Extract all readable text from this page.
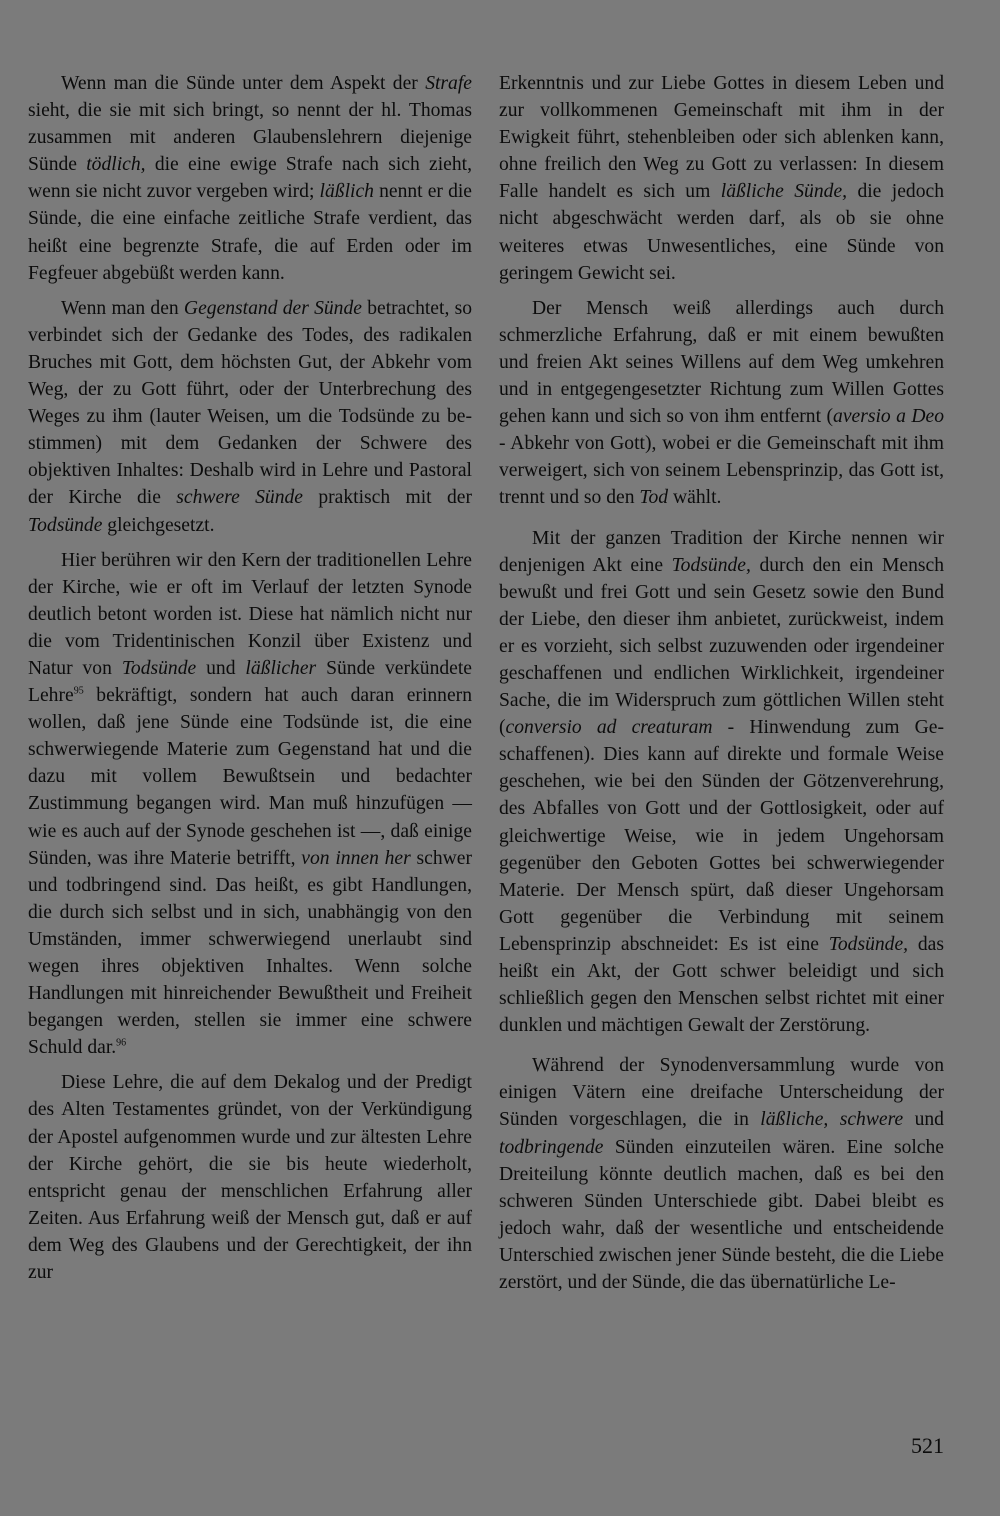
Wenn man die Sünde unter dem Aspekt der Strafe sieht, die sie mit sich bringt, so nennt der hl. Thomas zusammen mit anderen Glaubenslehrern diejenige Sünde tödlich, die eine ewige Strafe nach sich zieht, wenn sie nicht zuvor vergeben wird; läßlich nennt er die Sünde, die eine einfache zeitliche Strafe verdient, das heißt eine begrenzte Strafe, die auf Erden oder im Fegfeuer abgebüßt werden kann.

Wenn man den Gegenstand der Sünde betrachtet, so verbindet sich der Gedanke des Todes, des radikalen Bruches mit Gott, dem höchsten Gut, der Abkehr vom Weg, der zu Gott führt, oder der Unterbrechung des Weges zu ihm (lauter Weisen, um die Todsünde zu bestimmen) mit dem Gedanken der Schwere des objektiven Inhaltes: Deshalb wird in Lehre und Pastoral der Kirche die schwere Sünde praktisch mit der Todsünde gleichgesetzt.

Hier berühren wir den Kern der traditionellen Lehre der Kirche, wie er oft im Verlauf der letzten Synode deutlich betont worden ist. Diese hat nämlich nicht nur die vom Tridentinischen Konzil über Existenz und Natur von Todsünde und läßlicher Sünde verkündete Lehre$^{95}$ bekräftigt, sondern hat auch daran erinnern wollen, daß jene Sünde eine Todsünde ist, die eine schwerwiegende Materie zum Gegenstand hat und die dazu mit vollem Bewußtsein und bedachter Zustimmung begangen wird. Man muß hinzufügen — wie es auch auf der Synode geschehen ist —, daß einige Sünden, was ihre Materie betrifft, von innen her schwer und todbringend sind. Das heißt, es gibt Handlungen, die durch sich selbst und in sich, unabhängig von den Umständen, immer schwerwiegend unerlaubt sind wegen ihres objektiven Inhaltes. Wenn solche Handlungen mit hinreichender Bewußtheit und Freiheit begangen werden, stellen sie immer eine schwere Schuld dar.$^{96}$

Diese Lehre, die auf dem Dekalog und der Predigt des Alten Testamentes gründet, von der Verkündigung der Apostel aufgenommen wurde und zur ältesten Lehre der Kirche gehört, die sie bis heute wiederholt, entspricht genau der menschlichen Erfahrung aller Zeiten. Aus Erfahrung weiß der Mensch gut, daß er auf dem Weg des Glaubens und der Gerechtigkeit, der ihn zur

Erkenntnis und zur Liebe Gottes in diesem Leben und zur vollkommenen Gemeinschaft mit ihm in der Ewigkeit führt, stehenbleiben oder sich ablenken kann, ohne freilich den Weg zu Gott zu verlassen: In diesem Falle handelt es sich um läßliche Sünde, die jedoch nicht abgeschwächt werden darf, als ob sie ohne weiteres etwas Unwesentliches, eine Sünde von geringem Gewicht sei.

Der Mensch weiß allerdings auch durch schmerzliche Erfahrung, daß er mit einem bewußten und freien Akt seines Willens auf dem Weg umkehren und in entgegengesetzter Richtung zum Willen Gottes gehen kann und sich so von ihm entfernt (aversio a Deo - Abkehr von Gott), wobei er die Gemeinschaft mit ihm verweigert, sich von seinem Lebensprinzip, das Gott ist, trennt und so den Tod wählt.

Mit der ganzen Tradition der Kirche nennen wir denjenigen Akt eine Todsünde, durch den ein Mensch bewußt und frei Gott und sein Gesetz sowie den Bund der Liebe, den dieser ihm anbietet, zurückweist, indem er es vorzieht, sich selbst zuzuwenden oder irgendeiner geschaffenen und endlichen Wirklichkeit, irgendeiner Sache, die im Widerspruch zum göttlichen Willen steht (conversio ad creaturam - Hinwendung zum Geschaffenen). Dies kann auf direkte und formale Weise geschehen, wie bei den Sünden der Götzenverehrung, des Abfalles von Gott und der Gottlosigkeit, oder auf gleichwertige Weise, wie in jedem Ungehorsam gegenüber den Geboten Gottes bei schwerwiegender Materie. Der Mensch spürt, daß dieser Ungehorsam Gott gegenüber die Verbindung mit seinem Lebensprinzip abschneidet: Es ist eine Todsünde, das heißt ein Akt, der Gott schwer beleidigt und sich schließlich gegen den Menschen selbst richtet mit einer dunklen und mächtigen Gewalt der Zerstörung.

Während der Synodenversammlung wurde von einigen Vätern eine dreifache Unterscheidung der Sünden vorgeschlagen, die in läßliche, schwere und todbringende Sünden einzuteilen wären. Eine solche Dreiteilung könnte deutlich machen, daß es bei den schweren Sünden Unterschiede gibt. Dabei bleibt es jedoch wahr, daß der wesentliche und entscheidende Unterschied zwischen jener Sünde besteht, die die Liebe zerstört, und der Sünde, die das übernatürliche Le-

521
